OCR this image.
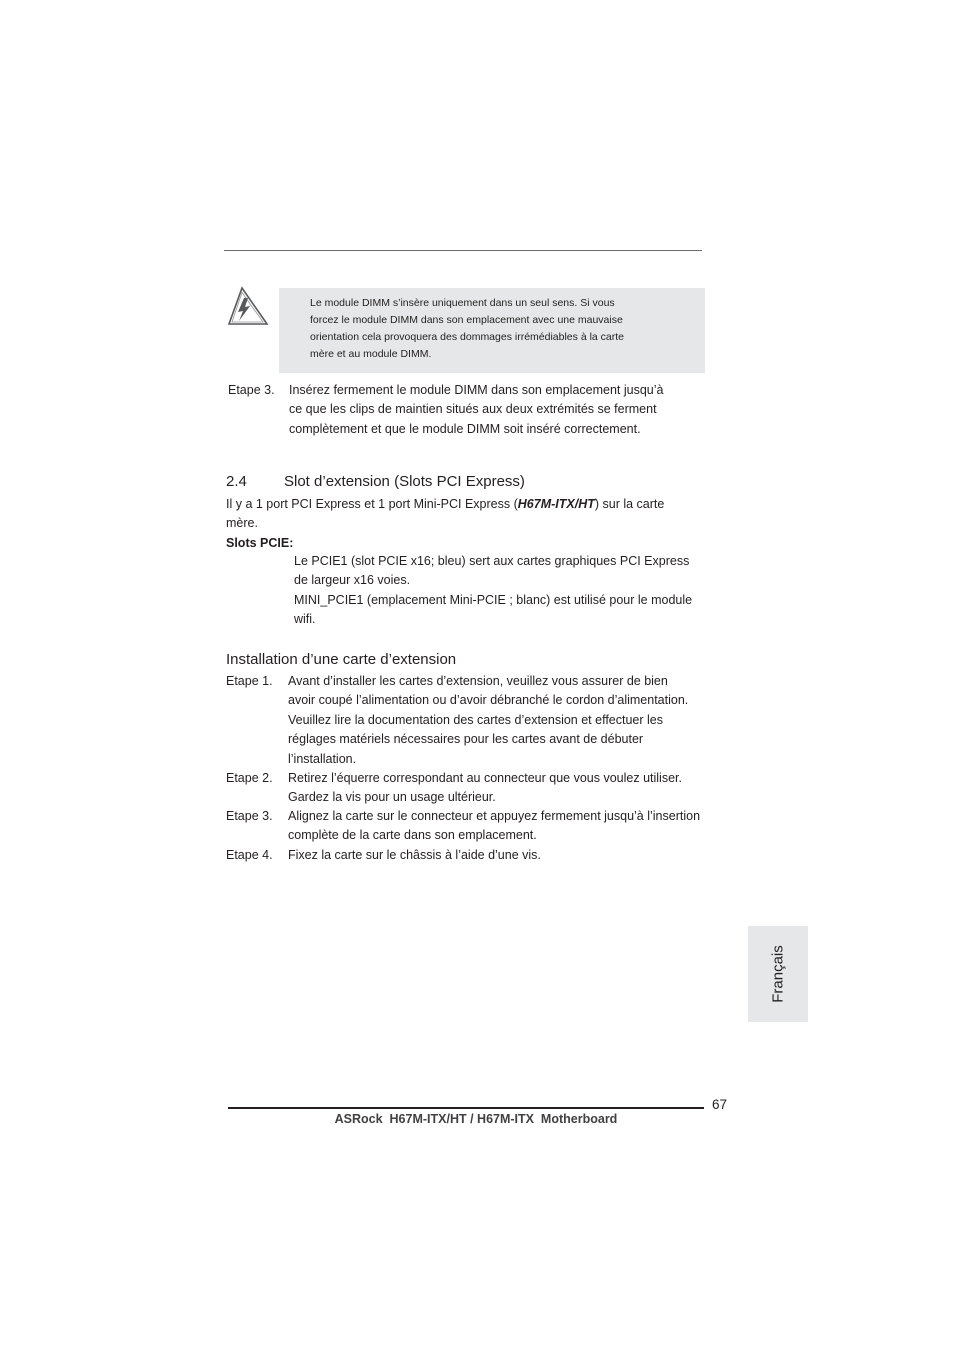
Le module DIMM s’insère uniquement dans un seul sens. Si vous
forcez le module DIMM dans son emplacement avec une mauvaise
orientation cela provoquera des dommages irrémédiables à la carte
mère et au module DIMM.
Etape 3. Insérez fermement le module DIMM dans son emplacement jusqu’à
ce que les clips de maintien situés aux deux extrémités se ferment
complètement et que le module DIMM soit inséré correctement.
2.4 Slot d’extension (Slots PCI Express)
Il y a 1 port PCI Express et 1 port Mini-PCI Express (H67M-ITX/HT) sur la carte
mère.
Slots PCIE:
Le PCIE1 (slot PCIE x16; bleu) sert aux cartes graphiques PCI Express
de largeur x16 voies.
MINI_PCIE1 (emplacement Mini-PCIE ; blanc) est utilisé pour le module
wifi.
Installation d’une carte d’extension
Etape 1. Avant d’installer les cartes d’extension, veuillez vous assurer de bien
avoir coupé l’alimentation ou d’avoir débranché le cordon d’alimentation.
Veuillez lire la documentation des cartes d’extension et effectuer les
réglages matériels nécessaires pour les cartes avant de débuter
l’installation.
Etape 2. Retirez l’équerre correspondant au connecteur que vous voulez utiliser.
Gardez la vis pour un usage ultérieur.
Etape 3. Alignez la carte sur le connecteur et appuyez fermement jusqu’à l’insertion
complète de la carte dans son emplacement.
Etape 4. Fixez la carte sur le châssis à l’aide d’une vis.
Français
67
ASRock  H67M-ITX/HT / H67M-ITX  Motherboard
